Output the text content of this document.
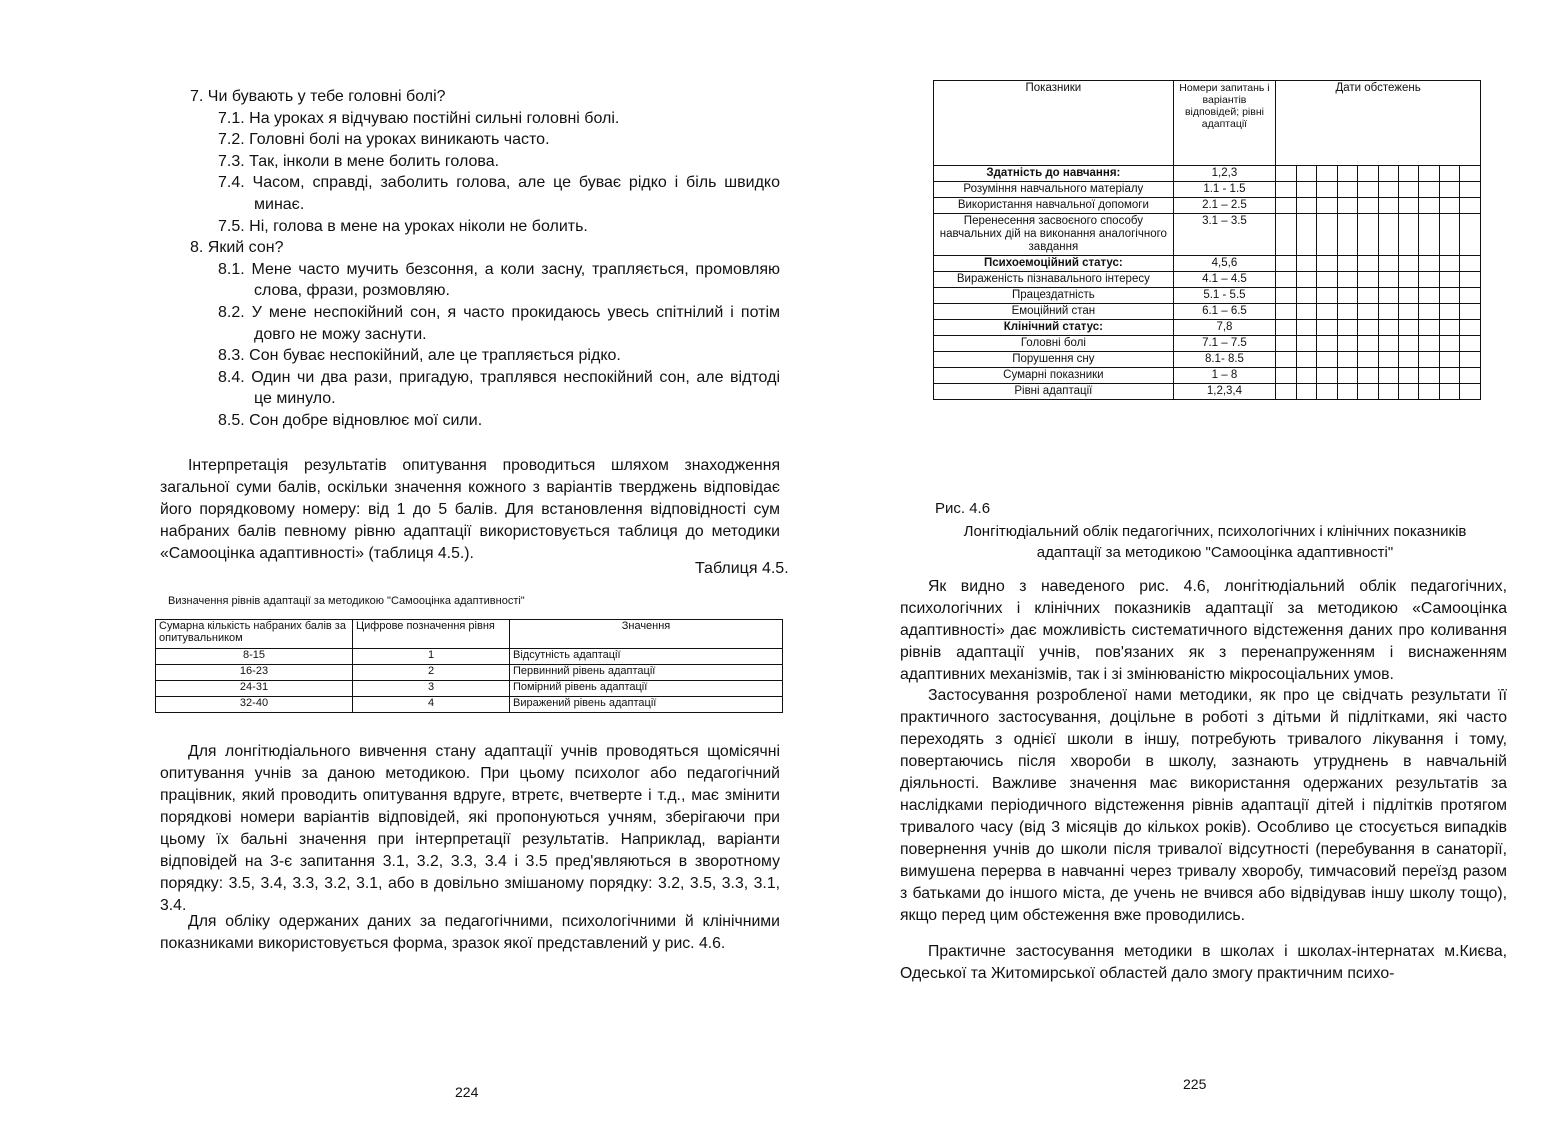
7. Чи бувають у тебе головні болі?

7.1. На уроках я відчуваю постійні сильні головні болі.

7.2. Головні болі на уроках виникають часто.

7.3. Так, інколи в мене болить голова.

7.4. Часом, справді, заболить голова, але це буває рідко і біль швидко минає.

7.5. Ні, голова в мене на уроках ніколи не болить.

8. Який сон?

8.1. Мене часто мучить безсоння, а коли засну, трапляється, промовляю слова, фрази, розмовляю.

8.2. У мене неспокійний сон, я часто прокидаюсь увесь спітнілий і потім довго не можу заснути.

8.3. Сон буває неспокійний, але це трапляється рідко.

8.4. Один чи два рази, пригадую, траплявся неспокійний сон, але відтоді це минуло.

8.5. Сон добре відновлює мої сили.

Інтерпретація результатів опитування проводиться шляхом знаходження загальної суми балів, оскільки значення кожного з варіантів тверджень відповідає його порядковому номеру: від 1 до 5 балів. Для встановлення відповідності сум набраних балів певному рівню адаптації використовується таблиця до методики «Самооцінка адаптивності» (таблиця 4.5.).

Таблиця 4.5.
Визначення рівнів адаптації за методикою "Самооцінка адаптивності"
Сумарна кількість набраних балів за опитувальником	Цифрове позначення рівня	Значення
8-15	1	Відсутність адаптації
16-23	2	Первинний рівень адаптації
24-31	3	Помірний рівень адаптації
32-40	4	Виражений рівень адаптації

Для лонгітюдіального вивчення стану адаптації учнів проводяться щомісячні опитування учнів за даною методикою. При цьому психолог або педагогічний працівник, який проводить опитування вдруге, втретє, вчетверте і т.д., має змінити порядкові номери варіантів відповідей, які пропонуються учням, зберігаючи при цьому їх бальні значення при інтерпретації результатів. Наприклад, варіанти відповідей на 3-є запитання 3.1, 3.2, 3.3, 3.4 і 3.5 пред'являються в зворотному порядку: 3.5, 3.4, 3.3, 3.2, 3.1, або в довільно змішаному порядку: 3.2, 3.5, 3.3, 3.1, 3.4.

Для обліку одержаних даних за педагогічними, психологічними й клінічними показниками використовується форма, зразок якої представлений у рис. 4.6.

224
Показники	Номери запитань і варіантів відповідей; рівні адаптації	Дати обстежень									
Здатність до навчання:	1,2,3										
Розуміння навчального матеріалу	1.1 - 1.5										
Використання навчальної допомоги	2.1 – 2.5										
Перенесення засвоєного способу навчальних дій на виконання аналогічного завдання	3.1 – 3.5										
Психоемоційний статус:	4,5,6										
Вираженість пізнавального інтересу	4.1 – 4.5										
Працездатність	5.1 - 5.5										
Емоційний стан	6.1 – 6.5										
Клінічний статус:	7,8										
Головні болі	7.1 – 7.5										
Порушення сну	8.1- 8.5										
Сумарні показники	1 – 8										
Рівні адаптації	1,2,3,4										
Рис. 4.6
Лонгітюдіальний облік педагогічних, психологічних і клінічних показників адаптації за методикою "Самооцінка адаптивності"

Як видно з наведеного рис. 4.6, лонгітюдіальний облік педагогічних, психологічних і клінічних показників адаптації за методикою «Самооцінка адаптивності» дає можливість систематичного відстеження даних про коливання рівнів адаптації учнів, пов'язаних як з перенапруженням і виснаженням адаптивних механізмів, так і зі змінюваністю мікросоціальних умов.

Застосування розробленої нами методики, як про це свідчать результати її практичного застосування, доцільне в роботі з дітьми й підлітками, які часто переходять з однієї школи в іншу, потребують тривалого лікування і тому, повертаючись після хвороби в школу, зазнають утруднень в навчальній діяльності. Важливе значення має використання одержаних результатів за наслідками періодичного відстеження рівнів адаптації дітей і підлітків протягом тривалого часу (від 3 місяців до кількох років). Особливо це стосується випадків повернення учнів до школи після тривалої відсутності (перебування в санаторії, вимушена перерва в навчанні через тривалу хворобу, тимчасовий переїзд разом з батьками до іншого міста, де учень не вчився або відвідував іншу школу тощо), якщо перед цим обстеження вже проводились.

Практичне застосування методики в школах і школах-інтернатах м.Києва, Одеської та Житомирської областей дало змогу практичним психо-

225
